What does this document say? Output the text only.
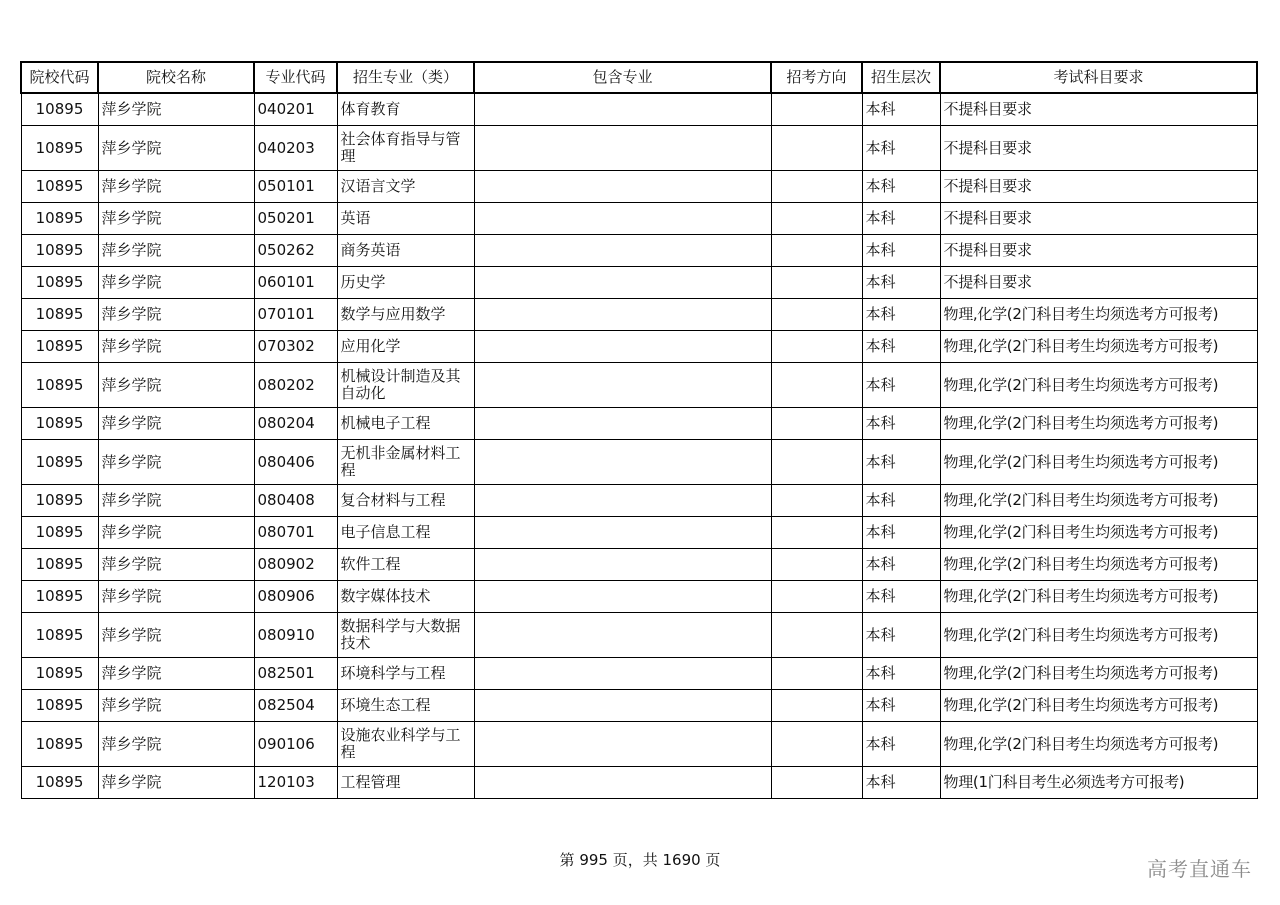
院校代码	院校名称	专业代码	招生专业（类）	包含专业	招考方向	招生层次	考试科目要求
10895	萍乡学院	040201	体育教育			本科	不提科目要求
10895	萍乡学院	040203	社会体育指导与管理			本科	不提科目要求
10895	萍乡学院	050101	汉语言文学			本科	不提科目要求
10895	萍乡学院	050201	英语			本科	不提科目要求
10895	萍乡学院	050262	商务英语			本科	不提科目要求
10895	萍乡学院	060101	历史学			本科	不提科目要求
10895	萍乡学院	070101	数学与应用数学			本科	物理,化学(2门科目考生均须选考方可报考)
10895	萍乡学院	070302	应用化学			本科	物理,化学(2门科目考生均须选考方可报考)
10895	萍乡学院	080202	机械设计制造及其自动化			本科	物理,化学(2门科目考生均须选考方可报考)
10895	萍乡学院	080204	机械电子工程			本科	物理,化学(2门科目考生均须选考方可报考)
10895	萍乡学院	080406	无机非金属材料工程			本科	物理,化学(2门科目考生均须选考方可报考)
10895	萍乡学院	080408	复合材料与工程			本科	物理,化学(2门科目考生均须选考方可报考)
10895	萍乡学院	080701	电子信息工程			本科	物理,化学(2门科目考生均须选考方可报考)
10895	萍乡学院	080902	软件工程			本科	物理,化学(2门科目考生均须选考方可报考)
10895	萍乡学院	080906	数字媒体技术			本科	物理,化学(2门科目考生均须选考方可报考)
10895	萍乡学院	080910	数据科学与大数据技术			本科	物理,化学(2门科目考生均须选考方可报考)
10895	萍乡学院	082501	环境科学与工程			本科	物理,化学(2门科目考生均须选考方可报考)
10895	萍乡学院	082504	环境生态工程			本科	物理,化学(2门科目考生均须选考方可报考)
10895	萍乡学院	090106	设施农业科学与工程			本科	物理,化学(2门科目考生均须选考方可报考)
10895	萍乡学院	120103	工程管理			本科	物理(1门科目考生必须选考方可报考)
第 995 页，共 1690 页	高考直通车
